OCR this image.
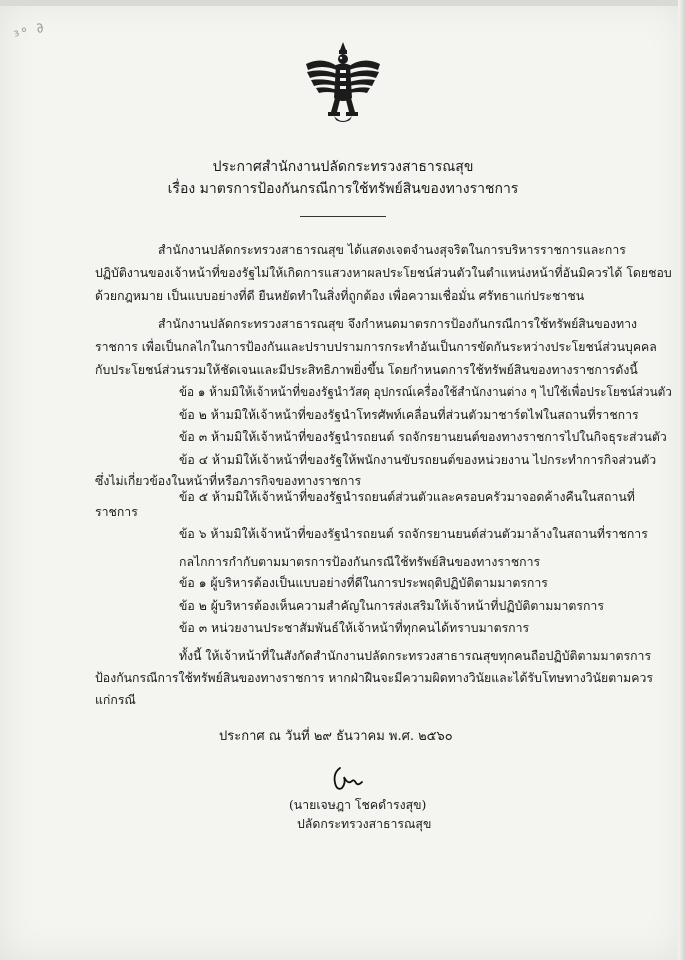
³° ∂
ประกาศสำนักงานปลัดกระทรวงสาธารณสุข
เรื่อง มาตรการป้องกันกรณีการใช้ทรัพย์สินของทางราชการ
สำนักงานปลัดกระทรวงสาธารณสุข ได้แสดงเจตจำนงสุจริตในการบริหารราชการและการ
ปฏิบัติงานของเจ้าหน้าที่ของรัฐไม่ให้เกิดการแสวงหาผลประโยชน์ส่วนตัวในตำแหน่งหน้าที่อันมิควรได้ โดยชอบ
ด้วยกฎหมาย เป็นแบบอย่างที่ดี ยืนหยัดทำในสิ่งที่ถูกต้อง เพื่อความเชื่อมั่น ศรัทธาแก่ประชาชน
สำนักงานปลัดกระทรวงสาธารณสุข จึงกำหนดมาตรการป้องกันกรณีการใช้ทรัพย์สินของทาง
ราชการ เพื่อเป็นกลไกในการป้องกันและปราบปรามการกระทำอันเป็นการขัดกันระหว่างประโยชน์ส่วนบุคคล
กับประโยชน์ส่วนรวมให้ชัดเจนและมีประสิทธิภาพยิ่งขึ้น โดยกำหนดการใช้ทรัพย์สินของทางราชการดังนี้
ข้อ ๑ ห้ามมิให้เจ้าหน้าที่ของรัฐนำวัสดุ อุปกรณ์เครื่องใช้สำนักงานต่าง ๆ ไปใช้เพื่อประโยชน์ส่วนตัว
ข้อ ๒ ห้ามมิให้เจ้าหน้าที่ของรัฐนำโทรศัพท์เคลื่อนที่ส่วนตัวมาชาร์ตไฟในสถานที่ราชการ
ข้อ ๓ ห้ามมิให้เจ้าหน้าที่ของรัฐนำรถยนต์ รถจักรยานยนต์ของทางราชการไปในกิจธุระส่วนตัว
ข้อ ๔ ห้ามมิให้เจ้าหน้าที่ของรัฐให้พนักงานขับรถยนต์ของหน่วยงาน ไปกระทำการกิจส่วนตัว
ซึ่งไม่เกี่ยวข้องในหน้าที่หรือภารกิจของทางราชการ
ข้อ ๕ ห้ามมิให้เจ้าหน้าที่ของรัฐนำรถยนต์ส่วนตัวและครอบครัวมาจอดค้างคืนในสถานที่
ราชการ
ข้อ ๖ ห้ามมิให้เจ้าหน้าที่ของรัฐนำรถยนต์ รถจักรยานยนต์ส่วนตัวมาล้างในสถานที่ราชการ
กลไกการกำกับตามมาตรการป้องกันกรณีใช้ทรัพย์สินของทางราชการ
ข้อ ๑ ผู้บริหารต้องเป็นแบบอย่างที่ดีในการประพฤติปฏิบัติตามมาตรการ
ข้อ ๒ ผู้บริหารต้องเห็นความสำคัญในการส่งเสริมให้เจ้าหน้าที่ปฏิบัติตามมาตรการ
ข้อ ๓ หน่วยงานประชาสัมพันธ์ให้เจ้าหน้าที่ทุกคนได้ทราบมาตรการ
ทั้งนี้ ให้เจ้าหน้าที่ในสังกัดสำนักงานปลัดกระทรวงสาธารณสุขทุกคนถือปฏิบัติตามมาตรการ
ป้องกันกรณีการใช้ทรัพย์สินของทางราชการ หากฝ่าฝืนจะมีความผิดทางวินัยและได้รับโทษทางวินัยตามควร
แก่กรณี
ประกาศ ณ วันที่ ๒๙ ธันวาคม พ.ศ. ๒๕๖๐
(นายเจษฎา โชคดำรงสุข)
ปลัดกระทรวงสาธารณสุข
